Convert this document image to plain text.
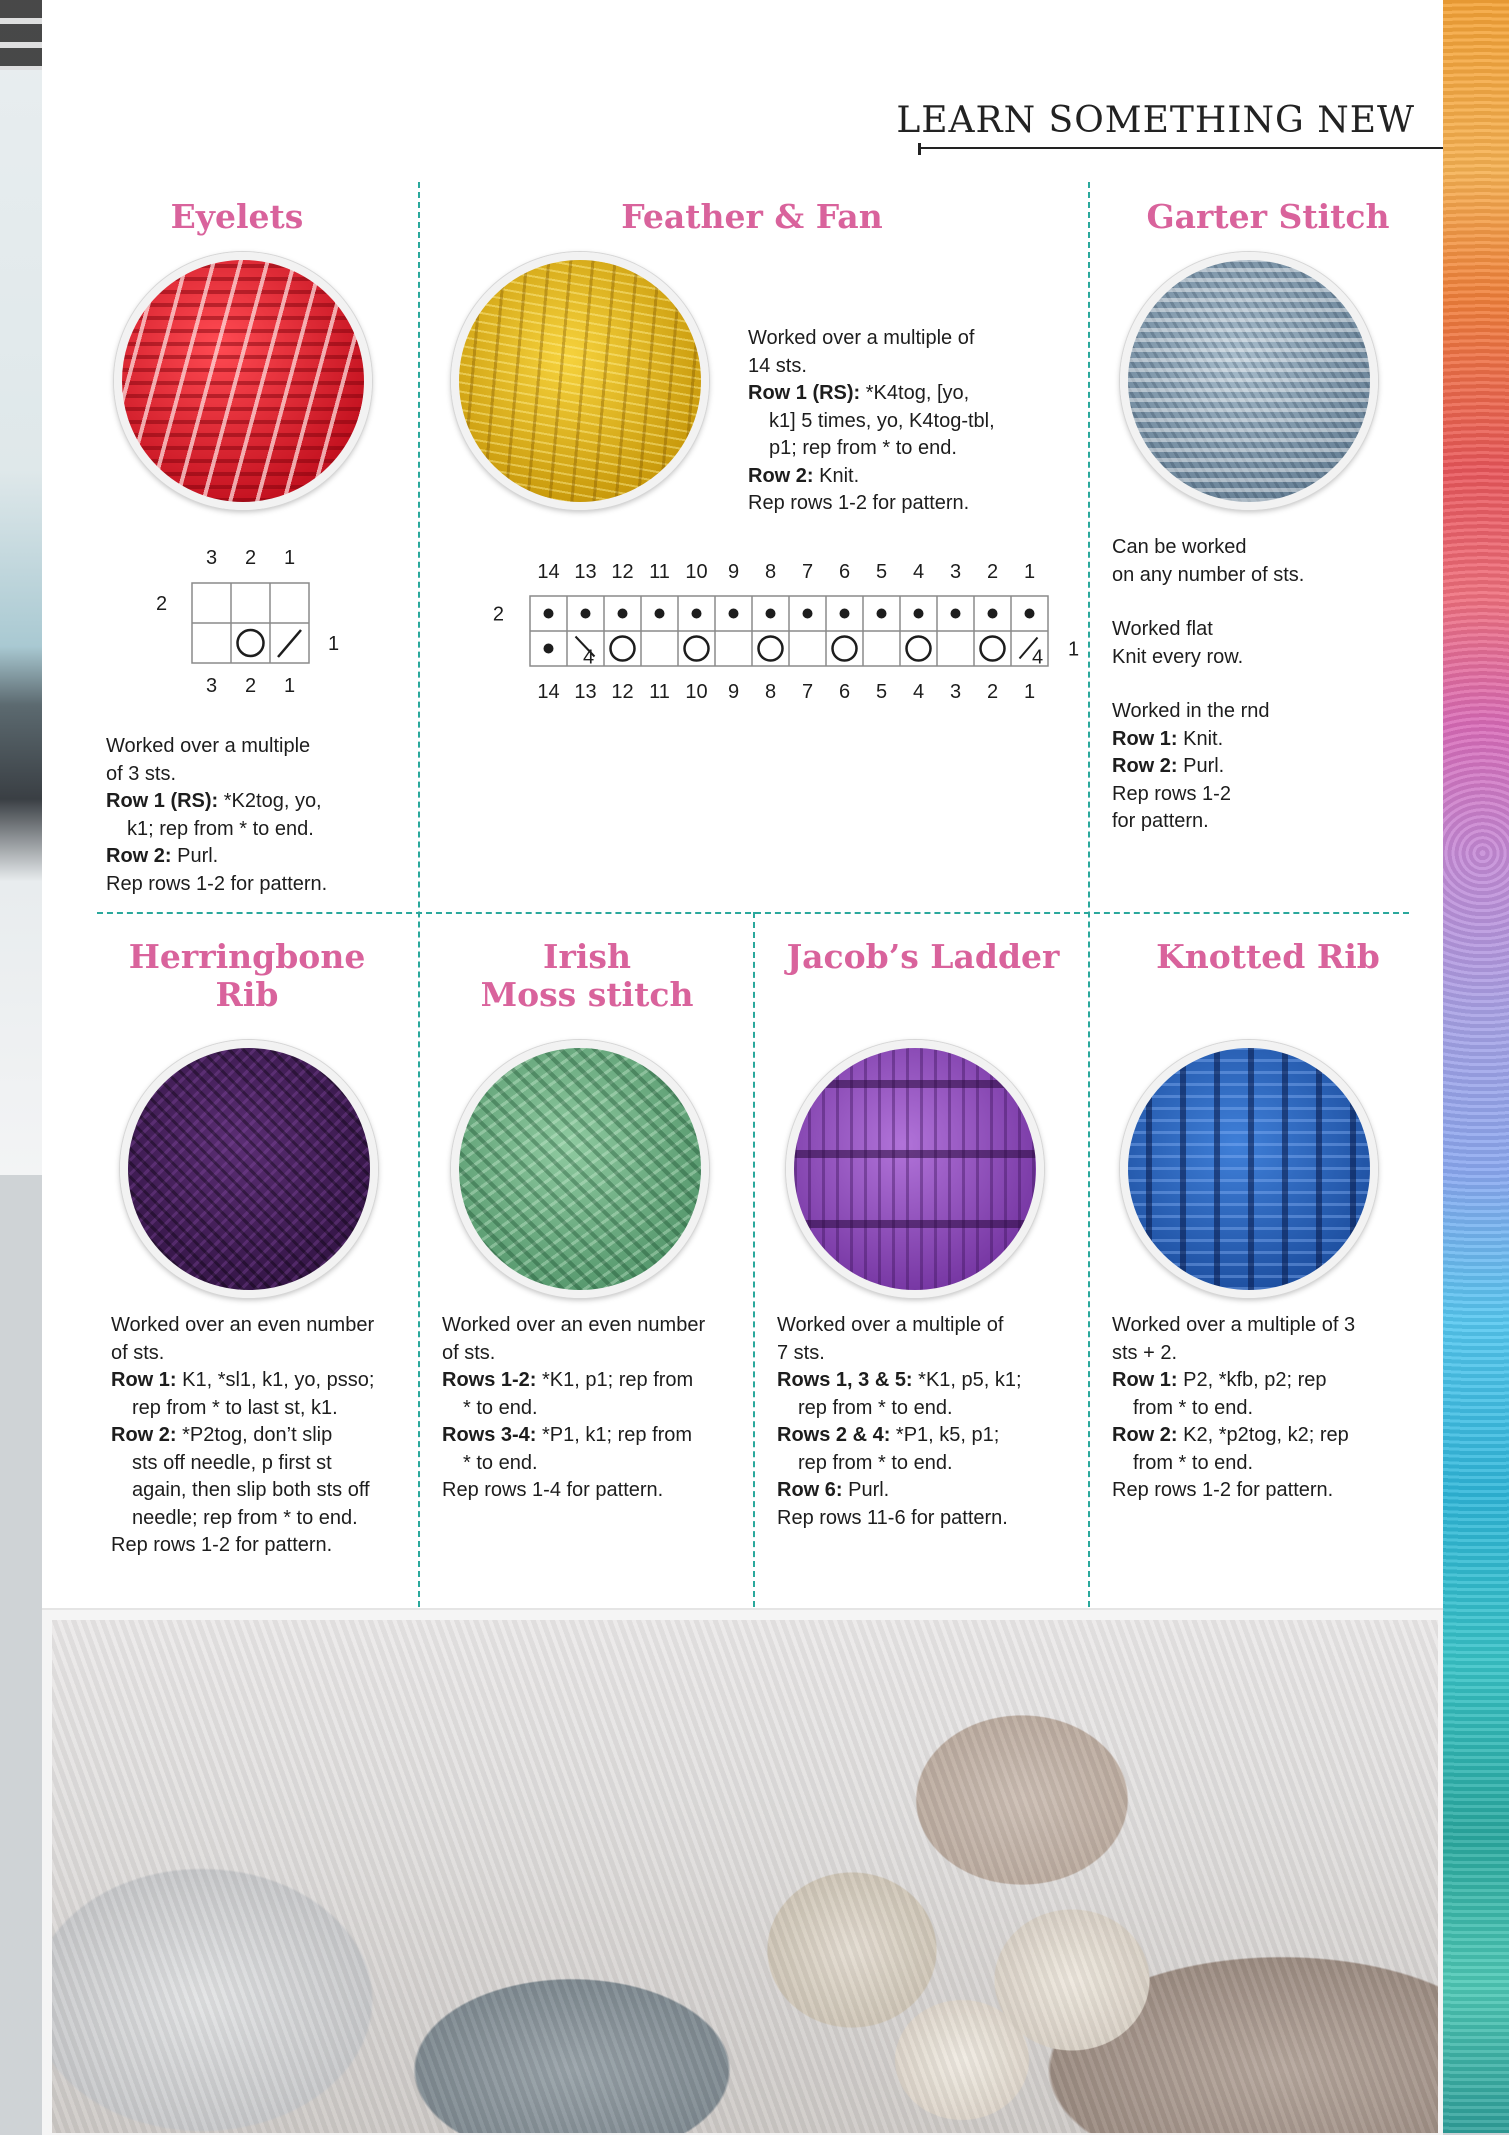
LEARN SOMETHING NEW
Eyelets
3 2 1
2
1
3 2 1

Worked over a multiple

of 3 sts.

Row 1 (RS): *K2tog, yo,

k1; rep from * to end.

Row 2: Purl.

Rep rows 1-2 for pattern.

Feather & Fan

Worked over a multiple of

14 sts.

Row 1 (RS): *K4tog, [yo,

k1] 5 times, yo, K4tog-tbl,

p1; rep from * to end.

Row 2: Knit.

Rep rows 1-2 for pattern.

14
14
13
13
12
12
11
11
10
10
9
9
8
8
7
7
6
6
5
5
4
4
3
3
2
2
1
1
4	4
2
1
Garter Stitch

Can be worked

on any number of sts.

Worked flat

Knit every row.

Worked in the rnd

Row 1: Knit.

Row 2: Purl.

Rep rows 1-2

for pattern.

Herringbone
Rib

Worked over an even number

of sts.

Row 1: K1, *sl1, k1, yo, psso;

rep from * to last st, k1.

Row 2: *P2tog, don’t slip

sts off needle, p first st

again, then slip both sts off

needle; rep from * to end.

Rep rows 1-2 for pattern.

Irish
Moss stitch

Worked over an even number

of sts.

Rows 1-2: *K1, p1; rep from

* to end.

Rows 3-4: *P1, k1; rep from

* to end.

Rep rows 1-4 for pattern.

Jacob’s Ladder

Worked over a multiple of

7 sts.

Rows 1, 3 & 5: *K1, p5, k1;

rep from * to end.

Rows 2 & 4: *P1, k5, p1;

rep from * to end.

Row 6: Purl.

Rep rows 11-6 for pattern.

Knotted Rib

Worked over a multiple of 3

sts + 2.

Row 1: P2, *kfb, p2; rep

from * to end.

Row 2: K2, *p2tog, k2; rep

from * to end.

Rep rows 1-2 for pattern.
